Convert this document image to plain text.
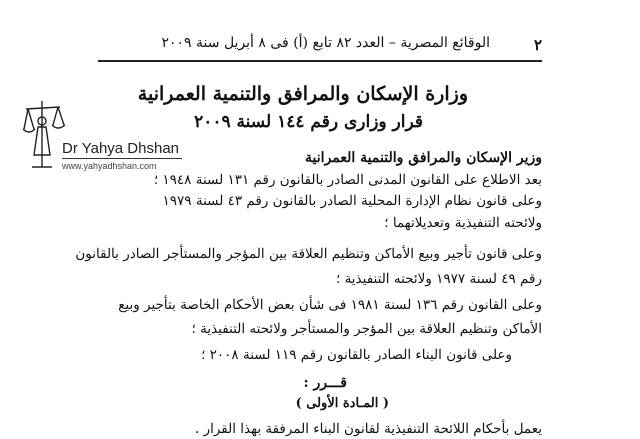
٢
الوقائع المصرية – العدد ٨٢ تابع (أ) فى ٨ أبريل سنة ٢٠٠٩
وزارة الإسكان والمرافق والتنمية العمرانية
قرار وزارى رقم ١٤٤ لسنة ٢٠٠٩
Dr Yahya Dhshan
www.yahyadhshan.com	وزير الإسكان والمرافق والتنمية العمرانية
بعد الاطلاع على القانون المدنى الصادر بالقانون رقم ١٣١ لسنة ١٩٤٨ ؛
وعلى قانون نظام الإدارة المحلية الصادر بالقانون رقم ٤٣ لسنة ١٩٧٩
ولائحته التنفيذية وتعديلاتهما ؛
وعلى قانون تأجير وبيع الأماكن وتنظيم العلاقة بين المؤجر والمستأجر الصادر بالقانون
رقم ٤٩ لسنة ١٩٧٧ ولائحته التنفيذية ؛
وعلى القانون رقم ١٣٦ لسنة ١٩٨١ فى شأن بعض الأحكام الخاصة بتأجير وبيع
الأماكن وتنظيم العلاقة بين المؤجر والمستأجر ولائحته التنفيذية ؛
وعلى قانون البناء الصادر بالقانون رقم ١١٩ لسنة ٢٠٠٨ ؛
قـــرر :
( المـادة الأولى )
يعمل بأحكام اللائحة التنفيذية لقانون البناء المرفقة بهذا القرار .
